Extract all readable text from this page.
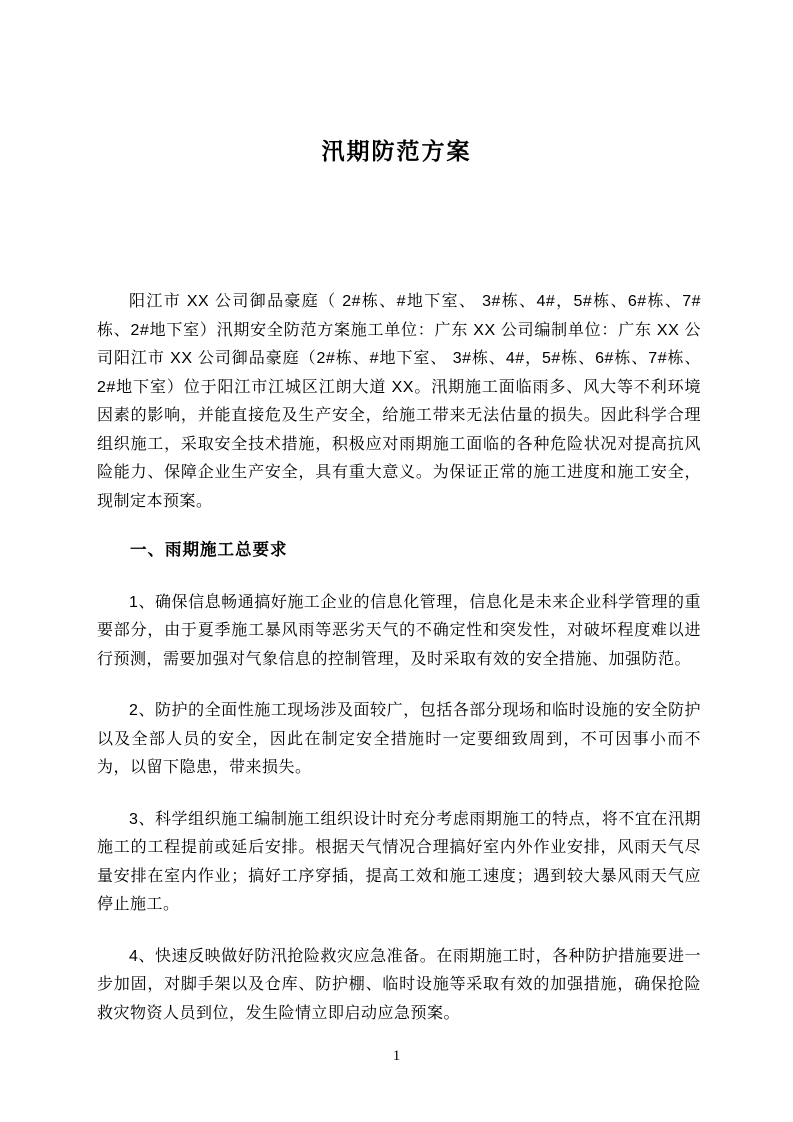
汛期防范方案

阳江市 XX 公司御品豪庭（ 2#栋、#地下室、 3#栋、4#，5#栋、6#栋、7#栋、2#地下室）汛期安全防范方案施工单位：广东 XX 公司编制单位：广东 XX 公司阳江市 XX 公司御品豪庭（2#栋、#地下室、 3#栋、4#，5#栋、6#栋、7#栋、2#地下室）位于阳江市江城区江朗大道 XX。汛期施工面临雨多、风大等不利环境因素的影响，并能直接危及生产安全，给施工带来无法估量的损失。因此科学合理组织施工，采取安全技术措施，积极应对雨期施工面临的各种危险状况对提高抗风险能力、保障企业生产安全，具有重大意义。为保证正常的施工进度和施工安全，现制定本预案。

一、雨期施工总要求

1、确保信息畅通搞好施工企业的信息化管理，信息化是未来企业科学管理的重要部分，由于夏季施工暴风雨等恶劣天气的不确定性和突发性，对破坏程度难以进行预测，需要加强对气象信息的控制管理，及时采取有效的安全措施、加强防范。

2、防护的全面性施工现场涉及面较广，包括各部分现场和临时设施的安全防护以及全部人员的安全，因此在制定安全措施时一定要细致周到，不可因事小而不为，以留下隐患，带来损失。

3、科学组织施工编制施工组织设计时充分考虑雨期施工的特点，将不宜在汛期施工的工程提前或延后安排。根据天气情况合理搞好室内外作业安排，风雨天气尽量安排在室内作业；搞好工序穿插，提高工效和施工速度；遇到较大暴风雨天气应停止施工。

4、快速反映做好防汛抢险救灾应急准备。在雨期施工时，各种防护措施要进一步加固，对脚手架以及仓库、防护棚、临时设施等采取有效的加强措施，确保抢险救灾物资人员到位，发生险情立即启动应急预案。

1
